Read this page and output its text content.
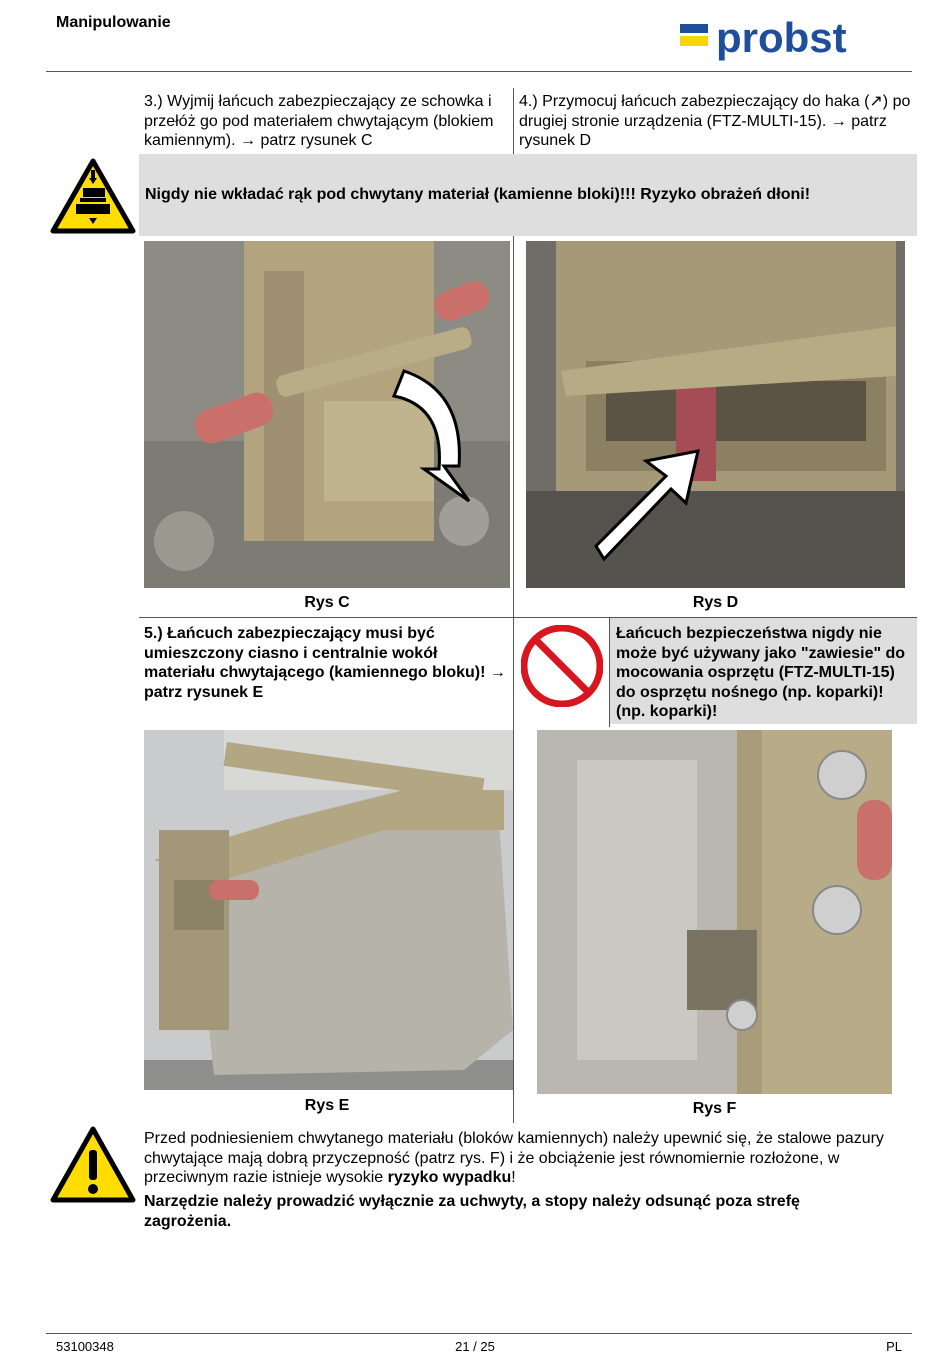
Manipulowanie	probst
3.) Wyjmij łańcuch zabezpieczający ze schowka i przełóż go pod materiałem chwytającym (blokiem kamiennym). → patrz rysunek C
4.) Przymocuj łańcuch zabezpieczający do haka (↗) po drugiej stronie urządzenia (FTZ-MULTI-15). → patrz rysunek D
Nigdy nie wkładać rąk pod chwytany materiał (kamienne bloki)!!! Ryzyko obrażeń dłoni!
Rys C	Rys D
5.) Łańcuch zabezpieczający musi być umieszczony ciasno i centralnie wokół materiału chwytającego (kamiennego bloku)! → patrz rysunek E
Łańcuch bezpieczeństwa nigdy nie może być używany jako "zawiesie" do mocowania osprzętu (FTZ-MULTI-15) do osprzętu nośnego (np. koparki)! (np. koparki)!
Rys E	Rys F
Przed podniesieniem chwytanego materiału (bloków kamiennych) należy upewnić się, że stalowe pazury chwytające mają dobrą przyczepność (patrz rys. F) i że obciążenie jest równomiernie rozłożone, w przeciwnym razie istnieje wysokie ryzyko wypadku!
Narzędzie należy prowadzić wyłącznie za uchwyty, a stopy należy odsunąć poza strefę zagrożenia.
53100348	21 / 25	PL
